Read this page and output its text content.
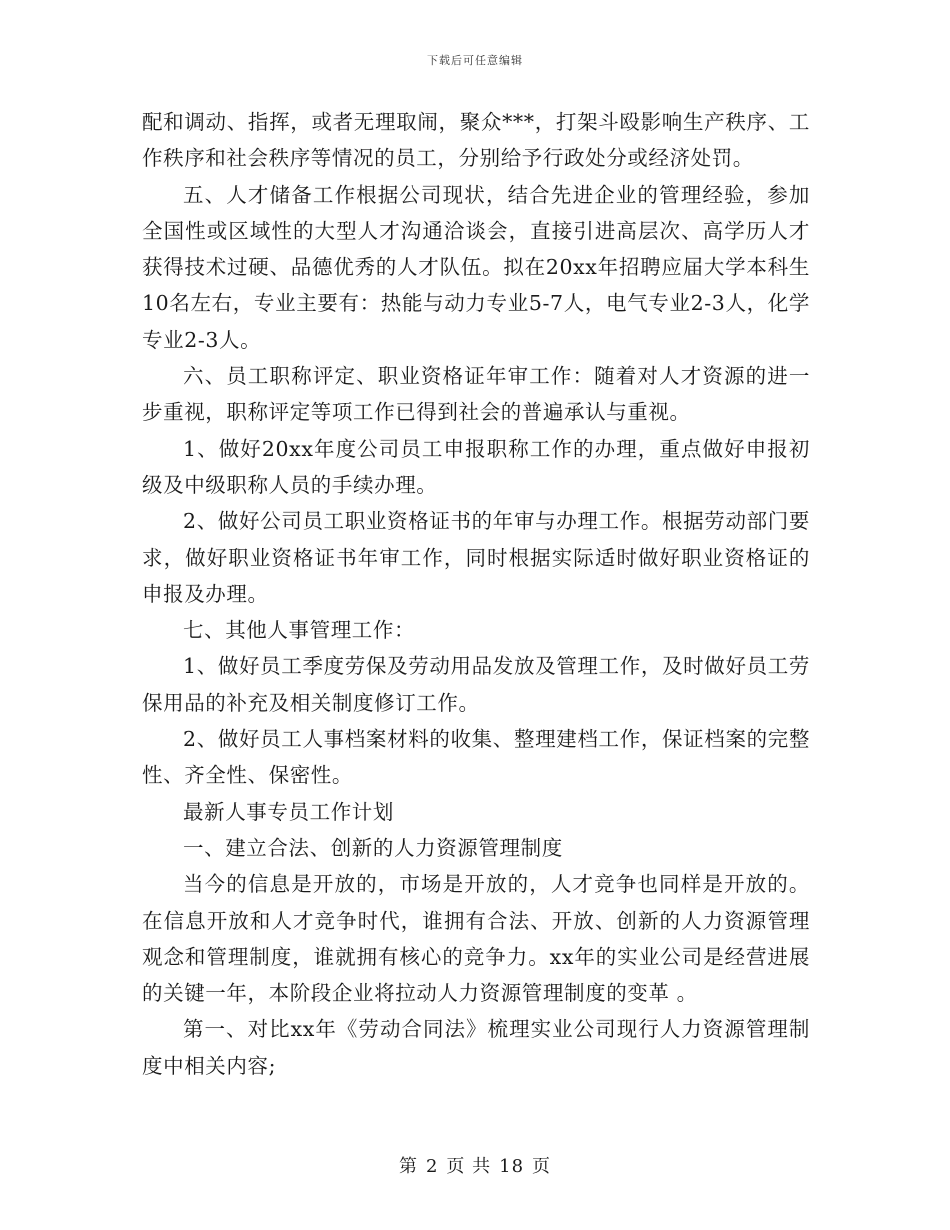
下载后可任意编辑

配和调动、指挥，或者无理取闹，聚众***，打架斗殴影响生产秩序、工作秩序和社会秩序等情况的员工，分别给予行政处分或经济处罚。

五、人才储备工作根据公司现状，结合先进企业的管理经验，参加全国性或区域性的大型人才沟通洽谈会，直接引进高层次、高学历人才获得技术过硬、品德优秀的人才队伍。拟在20xx年招聘应届大学本科生10名左右，专业主要有：热能与动力专业5-7人，电气专业2-3人，化学专业2-3人。

六、员工职称评定、职业资格证年审工作：随着对人才资源的进一步重视，职称评定等项工作已得到社会的普遍承认与重视。

1、做好20xx年度公司员工申报职称工作的办理，重点做好申报初级及中级职称人员的手续办理。

2、做好公司员工职业资格证书的年审与办理工作。根据劳动部门要求，做好职业资格证书年审工作，同时根据实际适时做好职业资格证的申报及办理。

七、其他人事管理工作：

1、做好员工季度劳保及劳动用品发放及管理工作，及时做好员工劳保用品的补充及相关制度修订工作。

2、做好员工人事档案材料的收集、整理建档工作，保证档案的完整性、齐全性、保密性。

最新人事专员工作计划

一、建立合法、创新的人力资源管理制度

当今的信息是开放的，市场是开放的，人才竞争也同样是开放的。在信息开放和人才竞争时代，谁拥有合法、开放、创新的人力资源管理观念和管理制度，谁就拥有核心的竞争力。xx年的实业公司是经营进展的关键一年，本阶段企业将拉动人力资源管理制度的变革 。

第一、对比xx年《劳动合同法》梳理实业公司现行人力资源管理制度中相关内容;

第 2 页 共 18 页
